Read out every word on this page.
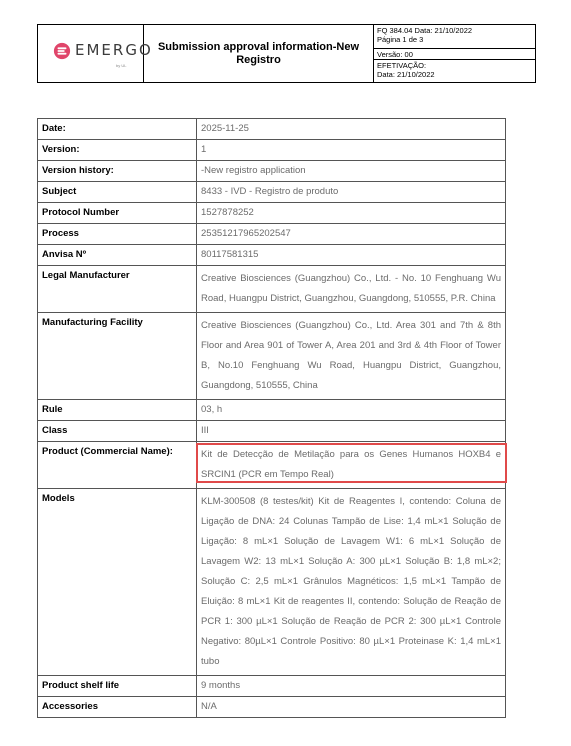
EMERGO
by UL
Submission approval information-New Registro
FQ 384.04 Data: 21/10/2022
Página 1 de 3
Versão: 00
EFETIVAÇÃO:
Data: 21/10/2022
Date:	2025-11-25
Version:	1
Version history:	-New registro application
Subject	8433 - IVD - Registro de produto
Protocol Number	1527878252
Process	25351217965202547
Anvisa Nº	80117581315
Legal Manufacturer	Creative Biosciences (Guangzhou) Co., Ltd. - No. 10 Fenghuang Wu Road, Huangpu District, Guangzhou, Guangdong, 510555, P.R. China
Manufacturing Facility	Creative Biosciences (Guangzhou) Co., Ltd. Area 301 and 7th & 8th Floor and Area 901 of Tower A, Area 201 and 3rd & 4th Floor of Tower B, No.10 Fenghuang Wu Road, Huangpu District, Guangzhou, Guangdong, 510555, China
Rule	03, h
Class	III
Product (Commercial Name):	Kit de Detecção de Metilação para os Genes Humanos HOXB4 e SRCIN1 (PCR em Tempo Real)
Models	KLM-300508 (8 testes/kit) Kit de Reagentes I, contendo: Coluna de Ligação de DNA: 24 Colunas Tampão de Lise: 1,4 mL×1 Solução de Ligação: 8 mL×1 Solução de Lavagem W1: 6 mL×1 Solução de Lavagem W2: 13 mL×1 Solução A: 300 µL×1 Solução B: 1,8 mL×2; Solução C: 2,5 mL×1 Grânulos Magnéticos: 1,5 mL×1 Tampão de Eluição: 8 mL×1 Kit de reagentes II, contendo: Solução de Reação de PCR 1: 300 µL×1 Solução de Reação de PCR 2: 300 µL×1 Controle Negativo: 80µL×1 Controle Positivo: 80 µL×1 Proteinase K: 1,4 mL×1 tubo
Product shelf life	9 months
Accessories	N/A
